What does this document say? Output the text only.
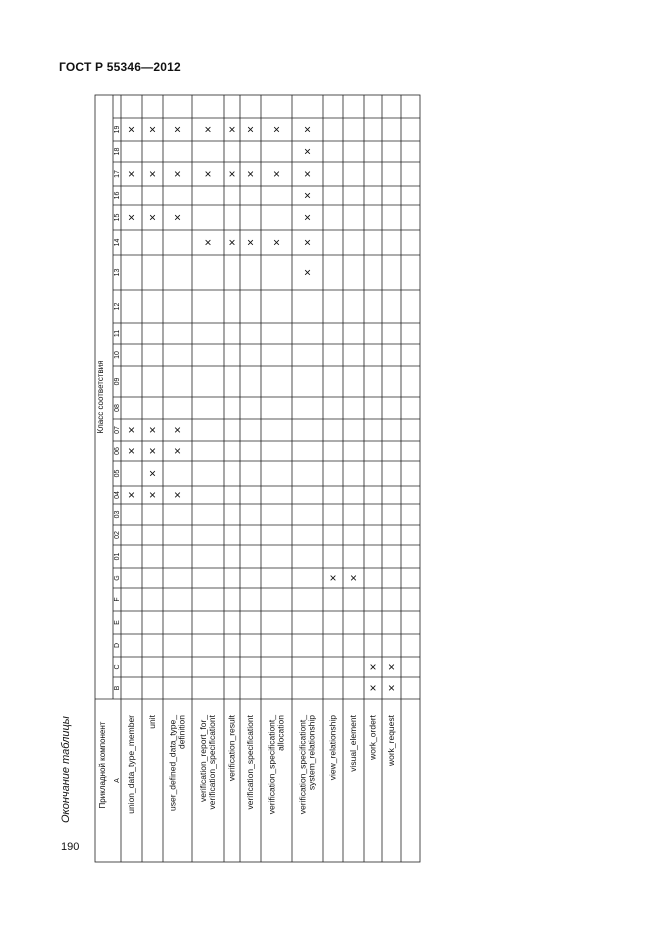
ГОСТ Р 55346—2012
Окончание таблицы
190
Прикладной компонент
Класс соответствия
A
B
C
D
E
F
G
01
02
03
04
05
06
07
08
09
10
11
12
13
14
15
16
17
18
19
union_data_type_member unit user_defined_data_type_ definition verification_report_for_ verification_specificationt verification_result verification_specificationt verification_specificationt_ allocation verification_specificationt_ system_relationship view_relationship visual_element work_ordert work_request
×
×
×
×
×
×
×
×
×
×
×
×
×
×
×
×
×
×
×
×
×
×
×
×
×
×
×
×
×
×
×
×
×
×
×
×
×
×
× ×
×
×
×
×
